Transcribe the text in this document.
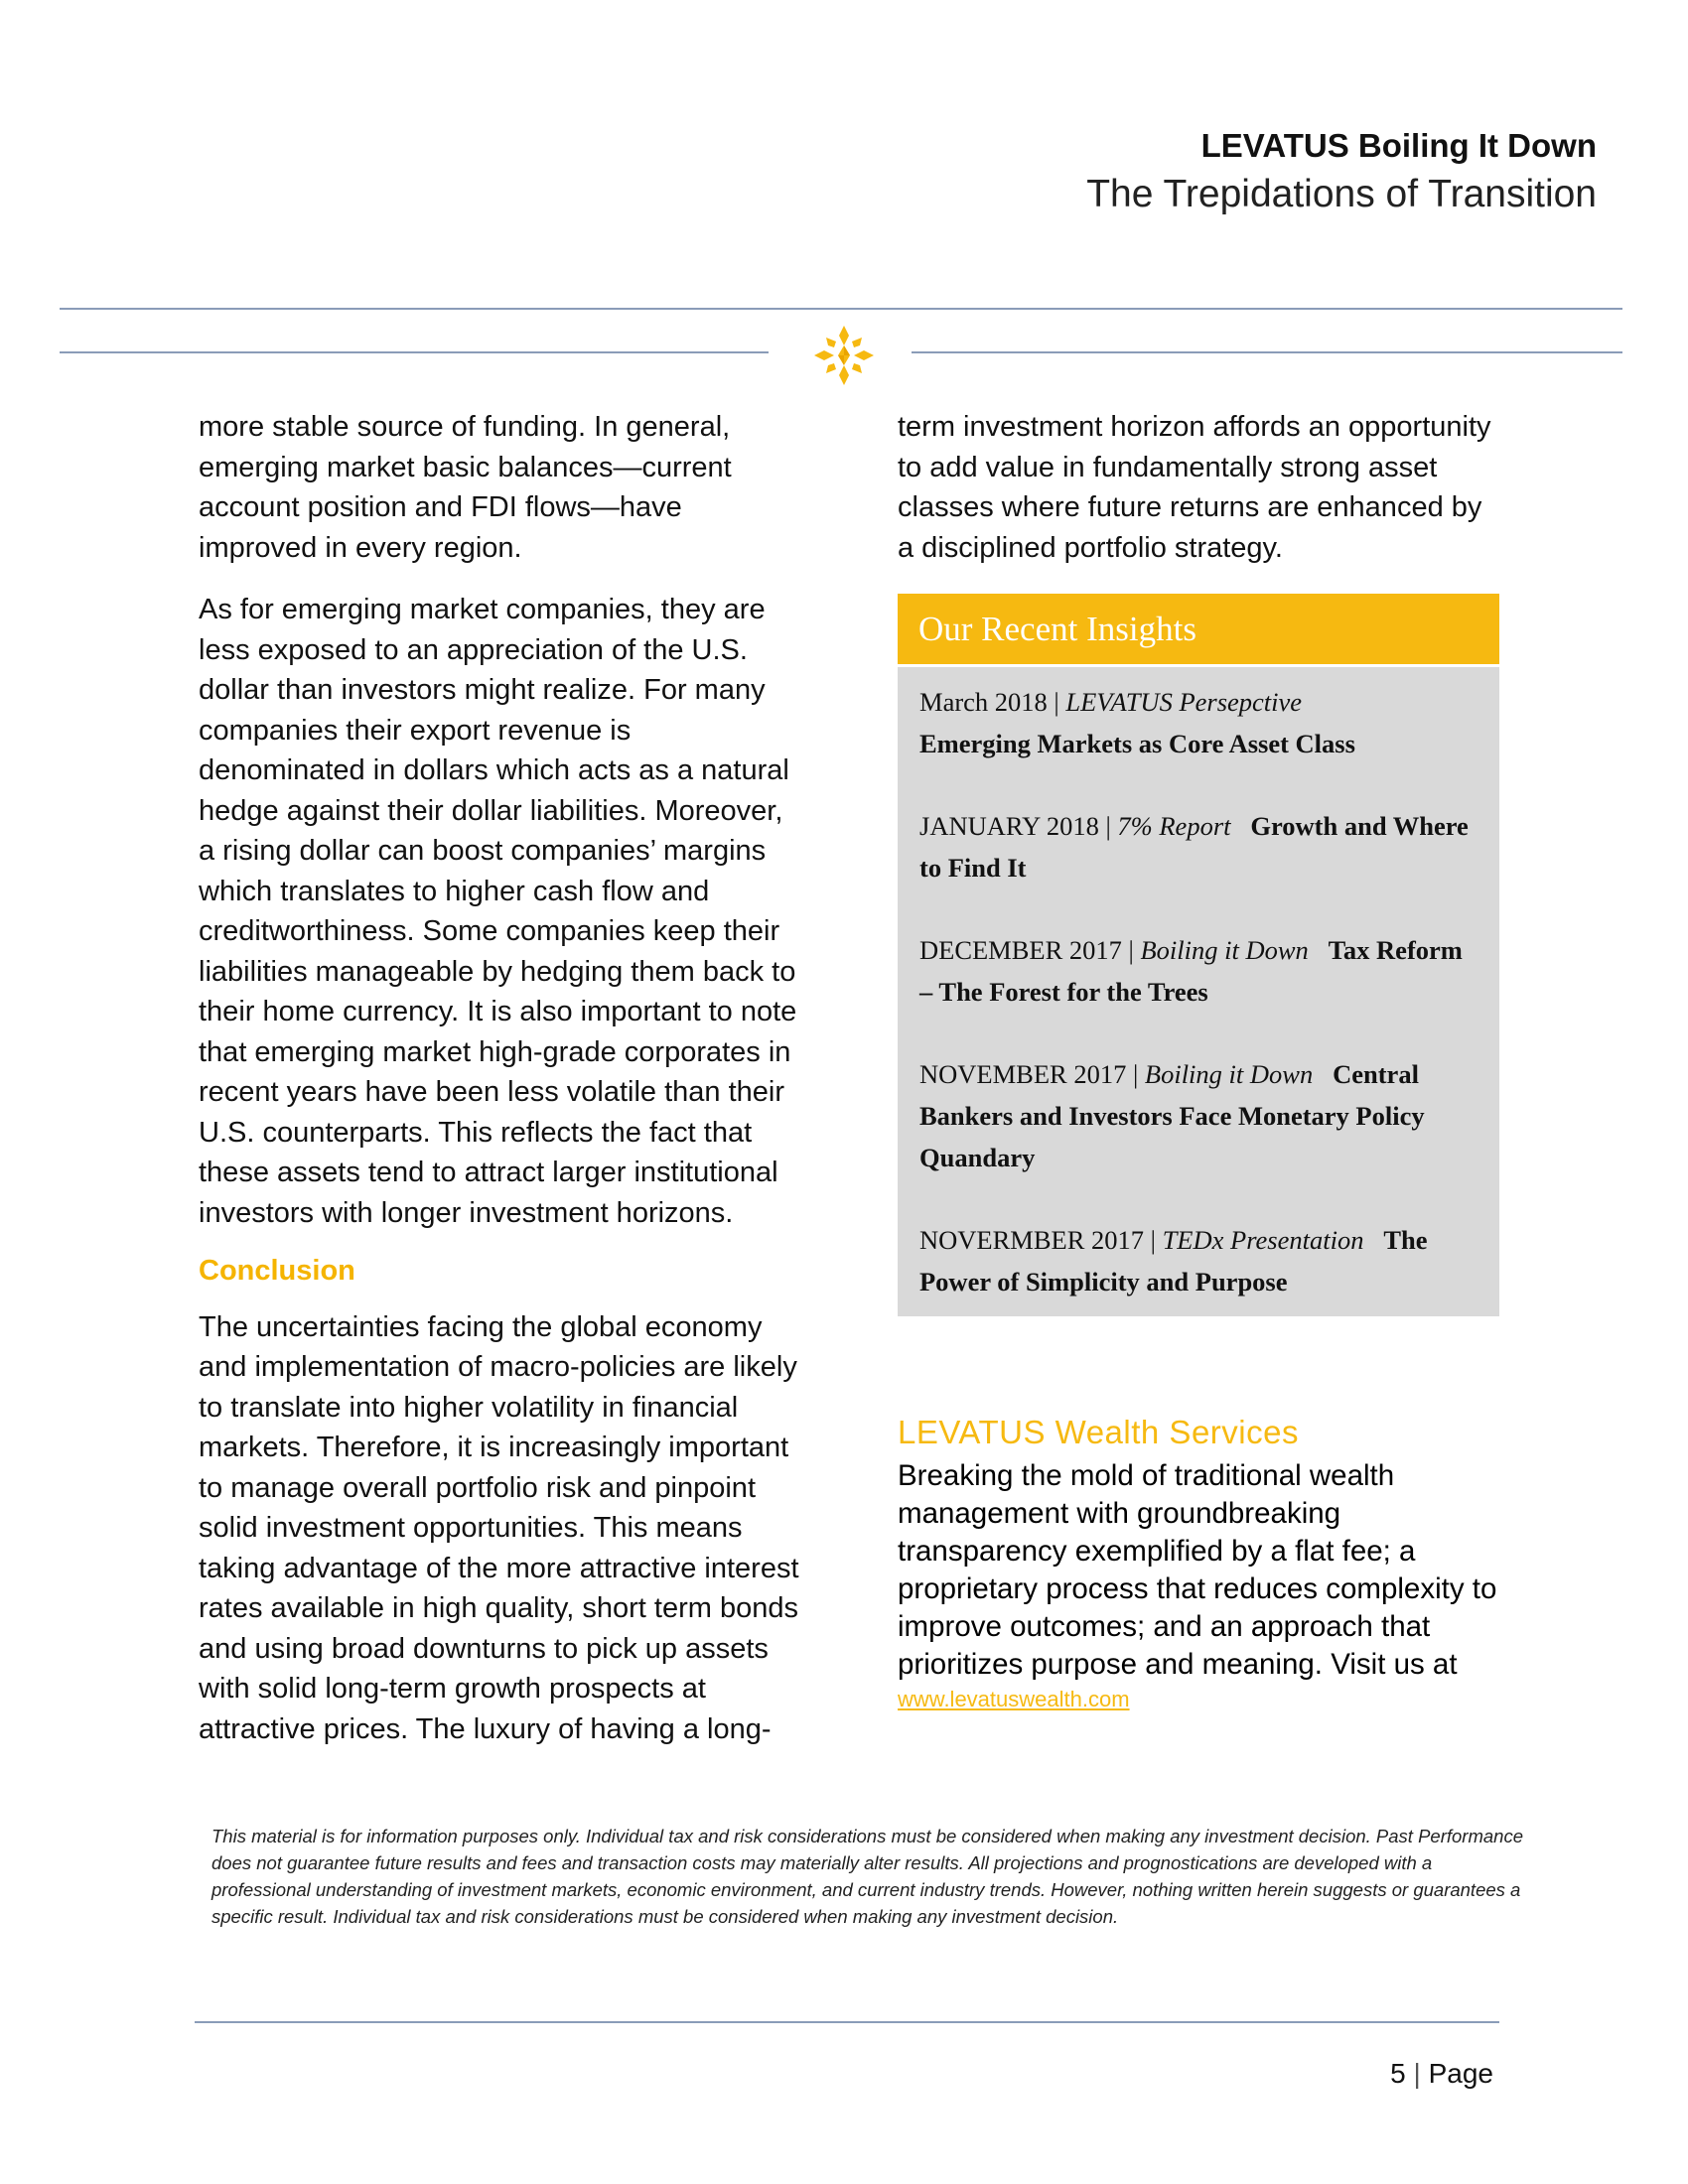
LEVATUS Boiling It Down
The Trepidations of Transition

more stable source of funding. In general, emerging market basic balances—current account position and FDI flows—have improved in every region.

As for emerging market companies, they are less exposed to an appreciation of the U.S. dollar than investors might realize. For many companies their export revenue is denominated in dollars which acts as a natural hedge against their dollar liabilities. Moreover, a rising dollar can boost companies’ margins which translates to higher cash flow and creditworthiness. Some companies keep their liabilities manageable by hedging them back to their home currency. It is also important to note that emerging market high-grade corporates in recent years have been less volatile than their U.S. counterparts. This reflects the fact that these assets tend to attract larger institutional investors with longer investment horizons.

Conclusion

The uncertainties facing the global economy and implementation of macro-policies are likely to translate into higher volatility in financial markets. Therefore, it is increasingly important to manage overall portfolio risk and pinpoint solid investment opportunities. This means taking advantage of the more attractive interest rates available in high quality, short term bonds and using broad downturns to pick up assets with solid long-term growth prospects at attractive prices. The luxury of having a long-

term investment horizon affords an opportunity to add value in fundamentally strong asset classes where future returns are enhanced by a disciplined portfolio strategy.

Our Recent Insights
March 2018 | LEVATUS Persepctive
Emerging Markets as Core Asset Class
JANUARY 2018 | 7% Report Growth and Where to Find It
DECEMBER 2017 | Boiling it Down Tax Reform – The Forest for the Trees
NOVEMBER 2017 | Boiling it Down Central Bankers and Investors Face Monetary Policy Quandary
NOVERMBER 2017 | TEDx Presentation The Power of Simplicity and Purpose
LEVATUS Wealth Services
Breaking the mold of traditional wealth management with groundbreaking transparency exemplified by a flat fee; a proprietary process that reduces complexity to improve outcomes; and an approach that prioritizes purpose and meaning. Visit us at
www.levatuswealth.com
This material is for information purposes only. Individual tax and risk considerations must be considered when making any investment decision. Past Performance does not guarantee future results and fees and transaction costs may materially alter results. All projections and prognostications are developed with a professional understanding of investment markets, economic environment, and current industry trends. However, nothing written herein suggests or guarantees a specific result. Individual tax and risk considerations must be considered when making any investment decision.
5 | Page
